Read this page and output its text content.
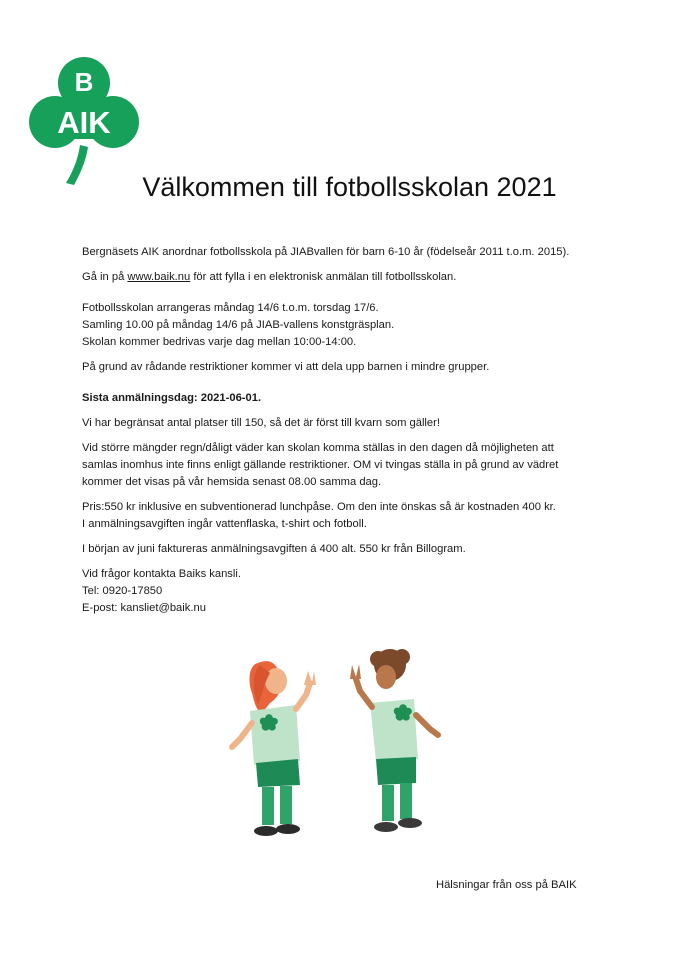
B
AIK
Välkommen till fotbollsskolan 2021

Bergnäsets AIK anordnar fotbollsskola på JIABvallen för barn 6-10 år (födelseår 2011 t.o.m. 2015).

Gå in på www.baik.nu för att fylla i en elektronisk anmälan till fotbollsskolan.

Fotbollsskolan arrangeras måndag 14/6 t.o.m. torsdag 17/6.

Samling 10.00 på måndag 14/6 på JIAB-vallens konstgräsplan.

Skolan kommer bedrivas varje dag mellan 10:00-14:00.

På grund av rådande restriktioner kommer vi att dela upp barnen i mindre grupper.

Sista anmälningsdag: 2021-06-01.

Vi har begränsat antal platser till 150, så det är först till kvarn som gäller!

Vid större mängder regn/dåligt väder kan skolan komma ställas in den dagen då möjligheten att

samlas inomhus inte finns enligt gällande restriktioner. OM vi tvingas ställa in på grund av vädret

kommer det visas på vår hemsida senast 08.00 samma dag.

Pris:550 kr inklusive en subventionerad lunchpåse. Om den inte önskas så är kostnaden 400 kr.

I anmälningsavgiften ingår vattenflaska, t-shirt och fotboll.

I början av juni faktureras anmälningsavgiften á 400 alt. 550 kr från Billogram.

Vid frågor kontakta Baiks kansli.

Tel: 0920-17850

E-post: kansliet@baik.nu

Hälsningar från oss på BAIK
